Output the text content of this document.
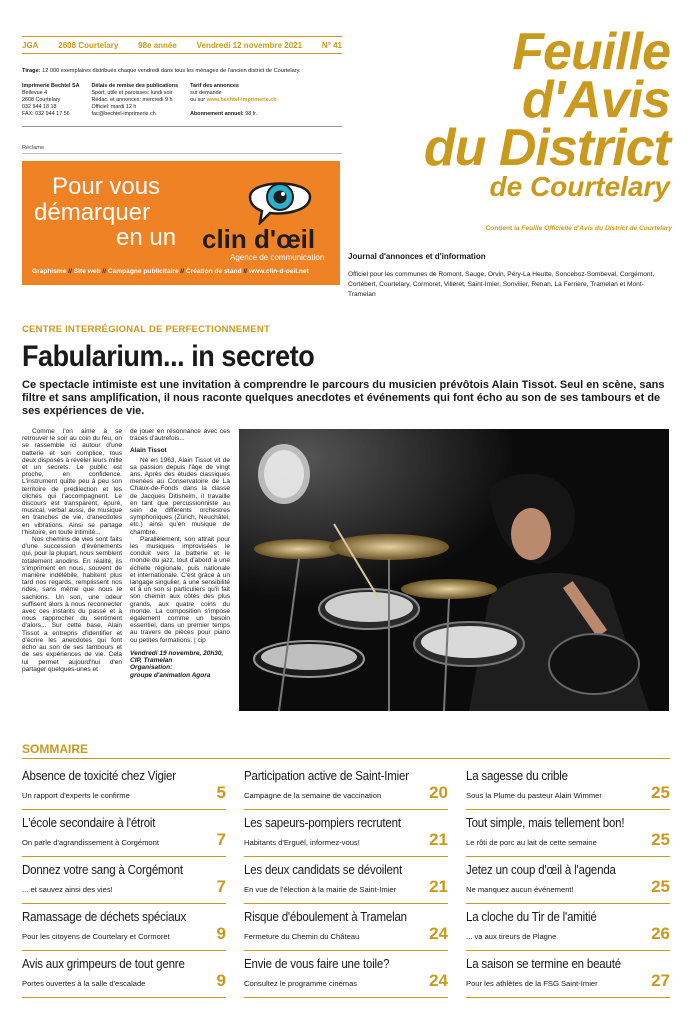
JGA 2608 Courtelary 98e année Vendredi 12 novembre 2021 N° 41
Tirage: 12 000 exemplaires distribués chaque vendredi dans tous les ménages de l'ancien district de Courtelary.
Imprimerie Bechtel SA
Bellevue 4
2608 Courtelary
032 944 18 18
FAX: 032 944 17 56
Délais de remise des publications
Sport, utile et paroisses: lundi soir
Rédac. et annonces: mercredi 9 h
Officiel: mardi 12 h
fac@bechtel-imprimerie.ch
Tarif des annonces
sur demande
ou sur www.bechtel-imprimerie.ch
Abonnement annuel: 98 fr.
Réclame
Feuille
d'Avis
du District
de Courtelary
Contient la Feuille Officielle d'Avis du District de Courtelary
Journal d'annonces et d'information
Officiel pour les communes de Romont, Sauge, Orvin, Péry-La Heutte, Sonceboz-Sombeval, Corgémont, Cortébert, Courtelary, Cormoret, Villeret, Saint-Imier, Sonvilier, Renan, La Ferrière, Tramelan et Mont-Tramelan
Pour vous
démarquer
en un clin d'œil
Agence de communication
Graphisme // Site web // Campagne publicitaire // Création de stand // www.clin-d-oeil.net
CENTRE INTERRÉGIONAL DE PERFECTIONNEMENT
Fabularium... in secreto
Ce spectacle intimiste est une invitation à comprendre le parcours du musicien prévôtois Alain Tissot. Seul en scène, sans filtre et sans amplification, il nous raconte quelques anecdotes et événements qui font écho au son de ses tambours et de ses expériences de vie.

Comme l'on aime à se retrouver le soir au coin du feu, on se rassemble ici autour d'une batterie et son complice, tous deux disposés à révéler leurs mille et un secrets. Le public est proche, en confidence. L'instrument quitte peu à peu son territoire de prédilection et les clichés qui l'accompagnent. Le discours est transparent, épuré, musical, verbal aussi, de musique en tranches de vie, d'anecdotes en vibrations. Ainsi se partage l'histoire, en toute intimité...

Nos chemins de vies sont faits d'une succession d'événements qui, pour la plupart, nous semblent totalement anodins. En réalité, ils s'impriment en nous, souvent de manière indélébile, habitent plus tard nos regards, remplissent nos rides, sans même que nous le sachions. Un son, une odeur suffisent alors à nous reconnecter avec ces instants du passé et à nous rapprocher du sentiment d'alors... Sur cette base, Alain Tissot a entrepris d'identifier et d'écrire les anecdotes qui font écho au son de ses tambours et de ses expériences de vie. Cela lui permet aujourd'hui d'en partager quelques-unes et

de jouer en résonnance avec ces traces d'autrefois...

Alain Tissot

Né en 1963, Alain Tissot vit de sa passion depuis l'âge de vingt ans. Après des études classiques menées au Conservatoire de La Chaux-de-Fonds dans la classe de Jacques Ditisheim, il travaille en tant que percussionniste au sein de différents orchestres symphoniques (Zürich, Neuchâtel, etc.) ainsi qu'en musique de chambre.

Parallèlement, son attrait pour les musiques improvisées le conduit vers la batterie et le monde du jazz, tout d'abord à une échelle régionale, puis nationale et internationale. C'est grâce à un langage singulier, à une sensibilité et à un son si particuliers qu'il fait son chemin aux côtés des plus grands, aux quatre coins du monde. La composition s'impose également comme un besoin essentiel, dans un premier temps au travers de pièces pour piano ou petites formations. | cip

Vendredi 19 novembre, 20h30,
CIP, Tramelan
Organisation:
groupe d'animation Agora
SOMMAIRE
Absence de toxicité chez Vigier
Un rapport d'experts le confirme	5
L'école secondaire à l'étroit
On parle d'agrandissement à Corgémont	7
Donnez votre sang à Corgémont
... et sauvez ainsi des vies!	7
Ramassage de déchets spéciaux
Pour les citoyens de Courtelary et Cormoret	9
Avis aux grimpeurs de tout genre
Portes ouvertes à la salle d'escalade	9
Participation active de Saint-Imier
Campagne de la semaine de vaccination	20
Les sapeurs-pompiers recrutent
Habitants d'Erguël, informez-vous!	21
Les deux candidats se dévoilent
En vue de l'élection à la mairie de Saint-Imier 21
Risque d'éboulement à Tramelan
Fermeture du Chemin du Château	24
Envie de vous faire une toile?
Consultez le programme cinémas	24
La sagesse du crible
Sous la Plume du pasteur Alain Wimmer	25
Tout simple, mais tellement bon!
Le rôti de porc au lait de cette semaine	25
Jetez un coup d'œil à l'agenda
Ne manquez aucun événement!	25
La cloche du Tir de l'amitié
... va aux tireurs de Plagne	26
La saison se termine en beauté
Pour les athlètes de la FSG Saint-Imier	27
